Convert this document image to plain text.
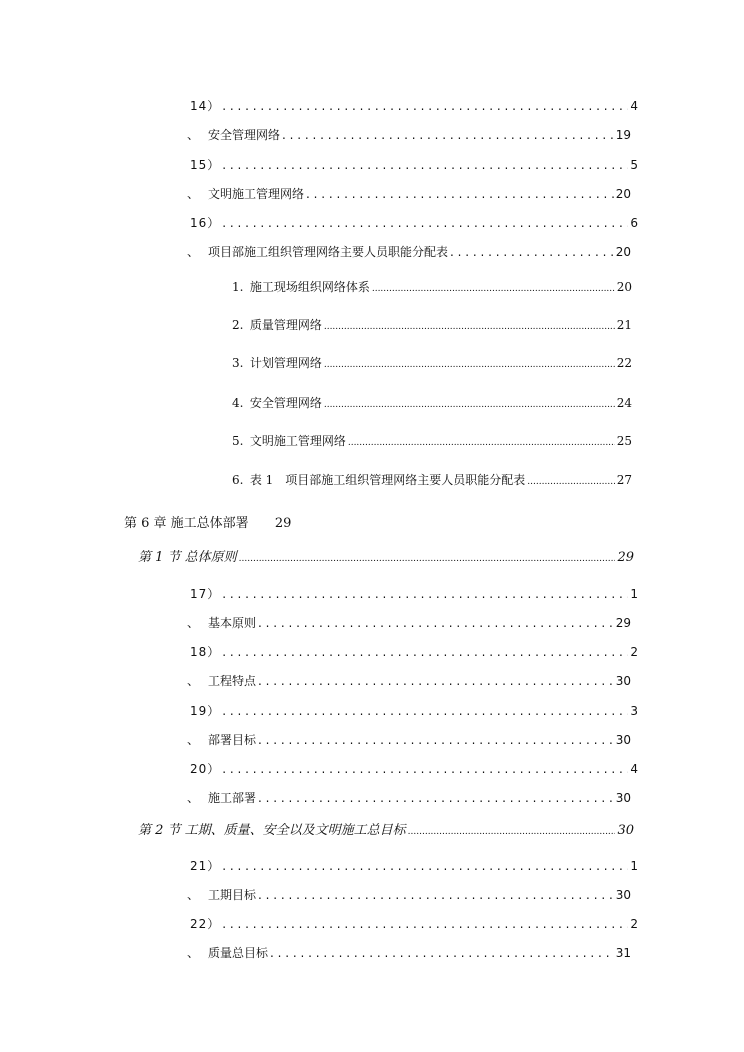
14） . . .	4
、 安全管理网络 . . .	19
15） . . .	5
、 文明施工管理网络 . . .	20
16） . . .	6
、 项目部施工组织管理网络主要人员职能分配表 . . .	20
1. 施工现场组织网络体系 .....	20
2. 质量管理网络 .....	21
3. 计划管理网络 .....	22
4. 安全管理网络 .....	24
5. 文明施工管理网络 .....	25
6. 表 1　项目部施工组织管理网络主要人员职能分配表 .....	27
第 6 章 施工总体部署 29
第 1 节 总体原则 .....	29
17） . . .	1
、 基本原则 . . .	29
18） . . .	2
、 工程特点 . . .	30
19） . . .	3
、 部署目标 . . .	30
20） . . .	4
、 施工部署 . . .	30
第 2 节 工期、质量、安全以及文明施工总目标 .....	30
21） . . .	1
、 工期目标 . . .	30
22） . . .	2
、 质量总目标 . . .	31
